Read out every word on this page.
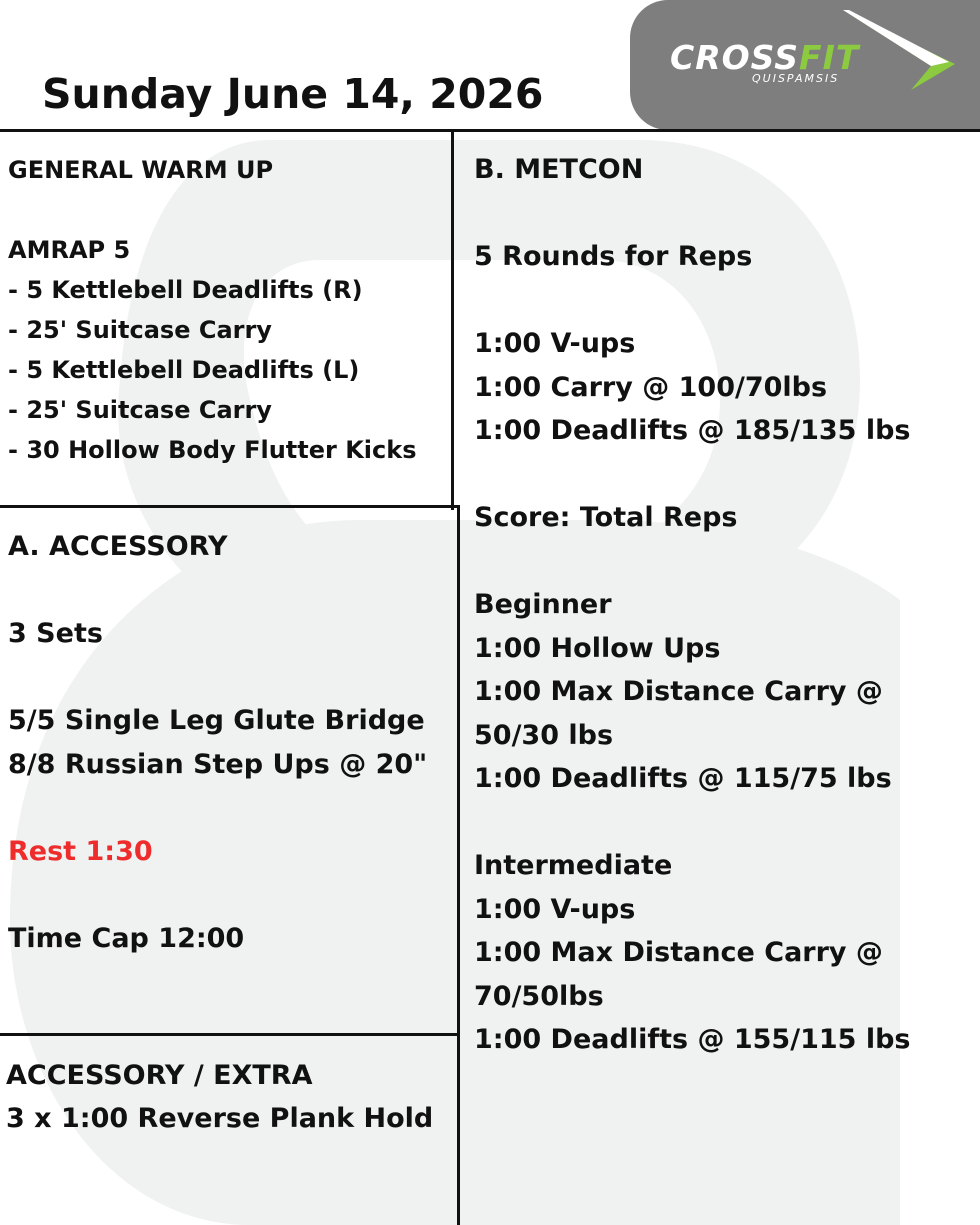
Sunday June 14, 2026
CROSSFIT
QUISPAMSIS

GENERAL WARM UP

AMRAP 5

- 5 Kettlebell Deadlifts (R)

- 25' Suitcase Carry

- 5 Kettlebell Deadlifts (L)

- 25' Suitcase Carry

- 30 Hollow Body Flutter Kicks

A. ACCESSORY

3 Sets

5/5 Single Leg Glute Bridge

8/8 Russian Step Ups @ 20"

Rest 1:30

Time Cap 12:00

ACCESSORY / EXTRA

3 x 1:00 Reverse Plank Hold

B. METCON

5 Rounds for Reps

1:00 V-ups

1:00 Carry @ 100/70lbs

1:00 Deadlifts @ 185/135 lbs

Score: Total Reps

Beginner

1:00 Hollow Ups

1:00 Max Distance Carry @

50/30 lbs

1:00 Deadlifts @ 115/75 lbs

Intermediate

1:00 V-ups

1:00 Max Distance Carry @

70/50lbs

1:00 Deadlifts @ 155/115 lbs
